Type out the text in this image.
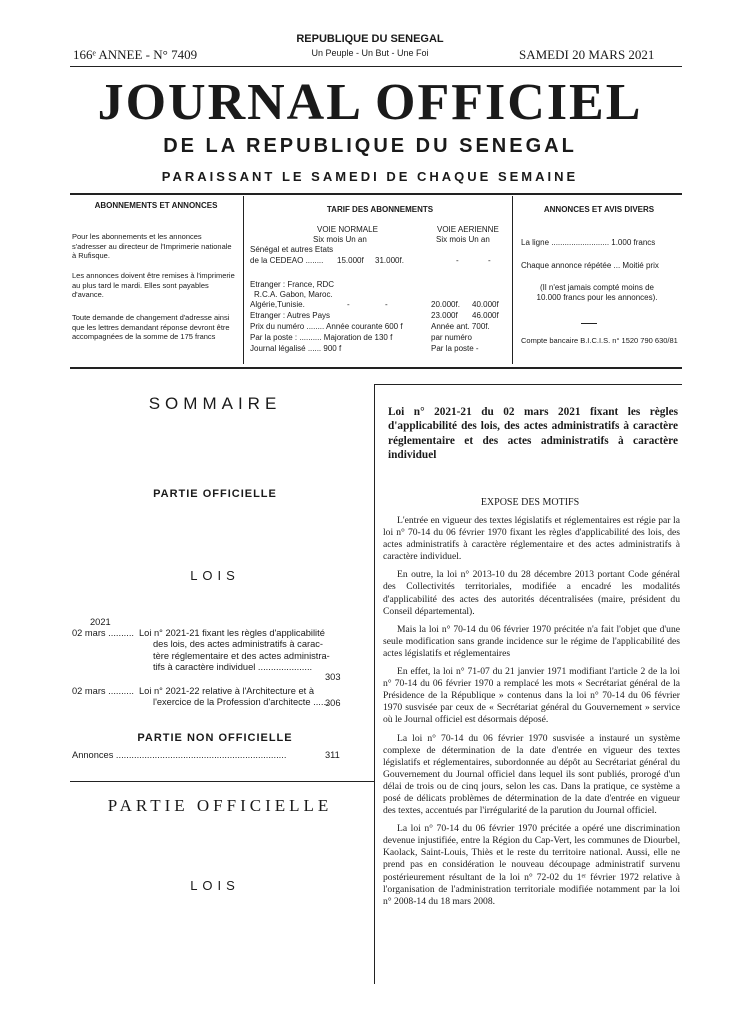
166ᵉ ANNEE - N° 7409
REPUBLIQUE DU SENEGAL
Un Peuple - Un But - Une Foi	SAMEDI 20 MARS 2021
JOURNAL OFFICIEL
DE LA REPUBLIQUE DU SENEGAL
PARAISSANT LE SAMEDI DE CHAQUE SEMAINE
ABONNEMENTS ET ANNONCES
Pour les abonnements et les annonces s'adresser au directeur de l'Imprimerie nationale à Rufisque.
Les annonces doivent être remises à l'imprimerie au plus tard le mardi. Elles sont payables d'avance.
Toute demande de changement d'adresse ainsi que les lettres demandant réponse devront être accompagnées de la somme de 175 francs
TARIF DES ABONNEMENTS
VOIE NORMALE	VOIE AERIENNE
Six mois Un an	Six mois Un an
Sénégal et autres Etats
de la CEDEAO ........ 15.000f 31.000f.	-	-
Etranger : France, RDC
R.C.A. Gabon, Maroc.
Algérie,Tunisie.	-	-	20.000f. 40.000f
Etranger : Autres Pays	23.000f 46.000f
Prix du numéro ........ Année courante 600 f	Année ant. 700f.
Par la poste : .......... Majoration de 130 f	par numéro
Journal légalisé ...... 900 f	Par la poste -
ANNONCES ET AVIS DIVERS
La ligne .......................... 1.000 francs
Chaque annonce répétée ... Moitié prix
(Il n'est jamais compté moins de 10.000 francs pour les annonces).
Compte bancaire B.I.C.I.S. n° 1520 790 630/81
SOMMAIRE
PARTIE OFFICIELLE
LOIS
2021
02 mars .......... Loi n° 2021-21 fixant les règles d'applicabilité
des lois, des actes administratifs à carac-
tère réglementaire et des actes administra-
tifs à caractère individuel .....................
303
02 mars .......... Loi n° 2021-22 relative à l'Architecture et à
l'exercice de la Profession d'architecte ......
306
PARTIE NON OFFICIELLE
Annonces ..................................................................	311
PARTIE OFFICIELLE
LOIS
Loi n° 2021-21 du 02 mars 2021 fixant les règles d'applicabilité des lois, des actes administratifs à caractère réglementaire et des actes administratifs à caractère individuel
EXPOSE DES MOTIFS

L'entrée en vigueur des textes législatifs et réglementaires est régie par la loi n° 70-14 du 06 février 1970 fixant les règles d'applicabilité des lois, des actes administratifs à caractère réglementaire et des actes administratifs à caractère individuel.

En outre, la loi n° 2013-10 du 28 décembre 2013 portant Code général des Collectivités territoriales, modifiée a encadré les modalités d'applicabilité des actes des autorités décentralisées (maire, président du Conseil départemental).

Mais la loi n° 70-14 du 06 février 1970 précitée n'a fait l'objet que d'une seule modification sans grande incidence sur le régime de l'applicabilité des actes législatifs et réglementaires

En effet, la loi n° 71-07 du 21 janvier 1971 modifiant l'article 2 de la loi n° 70-14 du 06 février 1970 a remplacé les mots « Secrétariat général de la Présidence de la République » contenus dans la loi n° 70-14 du 06 février 1970 susvisée par ceux de « Secrétariat général du Gouvernement » service où le Journal officiel est désormais déposé.

La loi n° 70-14 du 06 février 1970 susvisée a instauré un système complexe de détermination de la date d'entrée en vigueur des textes législatifs et réglementaires, subordonnée au dépôt au Secrétariat général du Gouvernement du Journal officiel dans lequel ils sont publiés, prorogé d'un délai de trois ou de cinq jours, selon les cas. Dans la pratique, ce système a posé de délicats problèmes de détermination de la date d'entrée en vigueur des textes, accentués par l'irrégularité de la parution du Journal officiel.

La loi n° 70-14 du 06 février 1970 précitée a opéré une discrimination devenue injustifiée, entre la Région du Cap-Vert, les communes de Diourbel, Kaolack, Saint-Louis, Thiès et le reste du territoire national. Aussi, elle ne prend pas en considération le nouveau découpage administratif survenu postérieurement résultant de la loi n° 72-02 du 1ᵉʳ février 1972 relative à l'organisation de l'administration territoriale modifiée notamment par la loi n° 2008-14 du 18 mars 2008.
